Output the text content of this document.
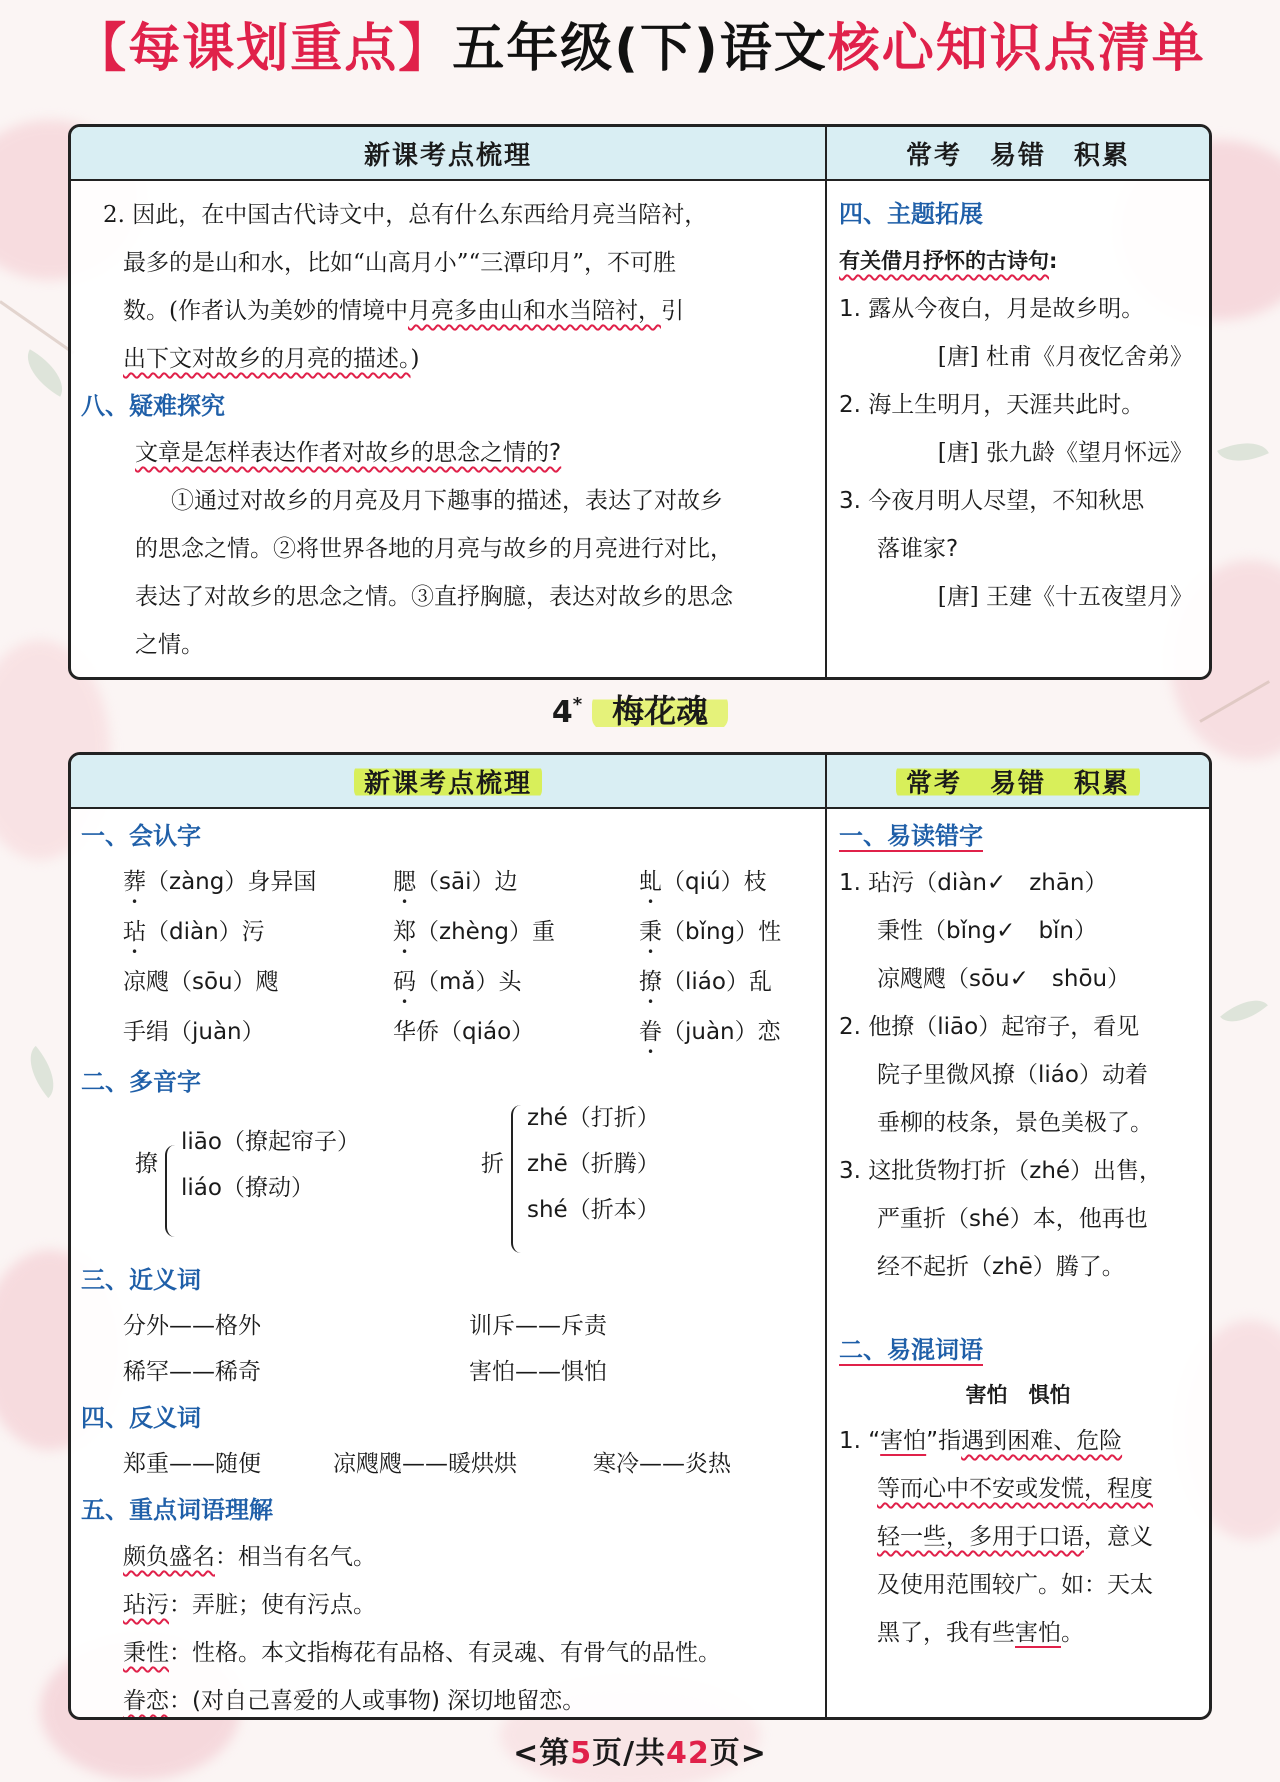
【每课划重点】五年级(下)语文核心知识点清单
新课考点梳理	常考　易错　积累
2. 因此，在中国古代诗文中，总有什么东西给月亮当陪衬，
最多的是山和水，比如“山高月小”“三潭印月”，不可胜
数。(作者认为美妙的情境中月亮多由山和水当陪衬，引
出下文对故乡的月亮的描述。)
八、疑难探究
文章是怎样表达作者对故乡的思念之情的?
①通过对故乡的月亮及月下趣事的描述，表达了对故乡
的思念之情。②将世界各地的月亮与故乡的月亮进行对比，
表达了对故乡的思念之情。③直抒胸臆，表达对故乡的思念
之情。
四、主题拓展
有关借月抒怀的古诗句:
1. 露从今夜白，月是故乡明。
[唐] 杜甫《月夜忆舍弟》
2. 海上生明月，天涯共此时。
[唐] 张九龄《望月怀远》
3. 今夜月明人尽望，不知秋思
落谁家?
[唐] 王建《十五夜望月》
4* 梅花魂
新课考点梳理	常考　易错　积累
一、会认字
葬（zàng）身异国	腮（sāi）边	虬（qiú）枝
玷（diàn）污	郑（zhèng）重	秉（bǐng）性
凉飕（sōu）飕	码（mǎ）头	撩（liáo）乱
手绢（juàn）	华侨（qiáo）	眷（juàn）恋
二、多音字
撩
liāo（撩起帘子）
liáo（撩动）
折
zhé（打折）
zhē（折腾）
shé（折本）
三、近义词
分外——格外	训斥——斥责
稀罕——稀奇	害怕——惧怕
四、反义词
郑重——随便	凉飕飕——暖烘烘	寒冷——炎热
五、重点词语理解
颇负盛名：相当有名气。
玷污：弄脏；使有污点。
秉性：性格。本文指梅花有品格、有灵魂、有骨气的品性。
眷恋：(对自己喜爱的人或事物) 深切地留恋。
一、易读错字
1. 玷污（diàn✓　zhān）
秉性（bǐng✓　bǐn）
凉飕飕（sōu✓　shōu）
2. 他撩（liāo）起帘子，看见
院子里微风撩（liáo）动着
垂柳的枝条，景色美极了。
3. 这批货物打折（zhé）出售，
严重折（shé）本，他再也
经不起折（zhē）腾了。
二、易混词语
害怕　惧怕
1. “害怕”指遇到困难、危险
等而心中不安或发慌，程度
轻一些，多用于口语，意义
及使用范围较广。如：天太
黑了，我有些害怕。
<第5页/共42页>
